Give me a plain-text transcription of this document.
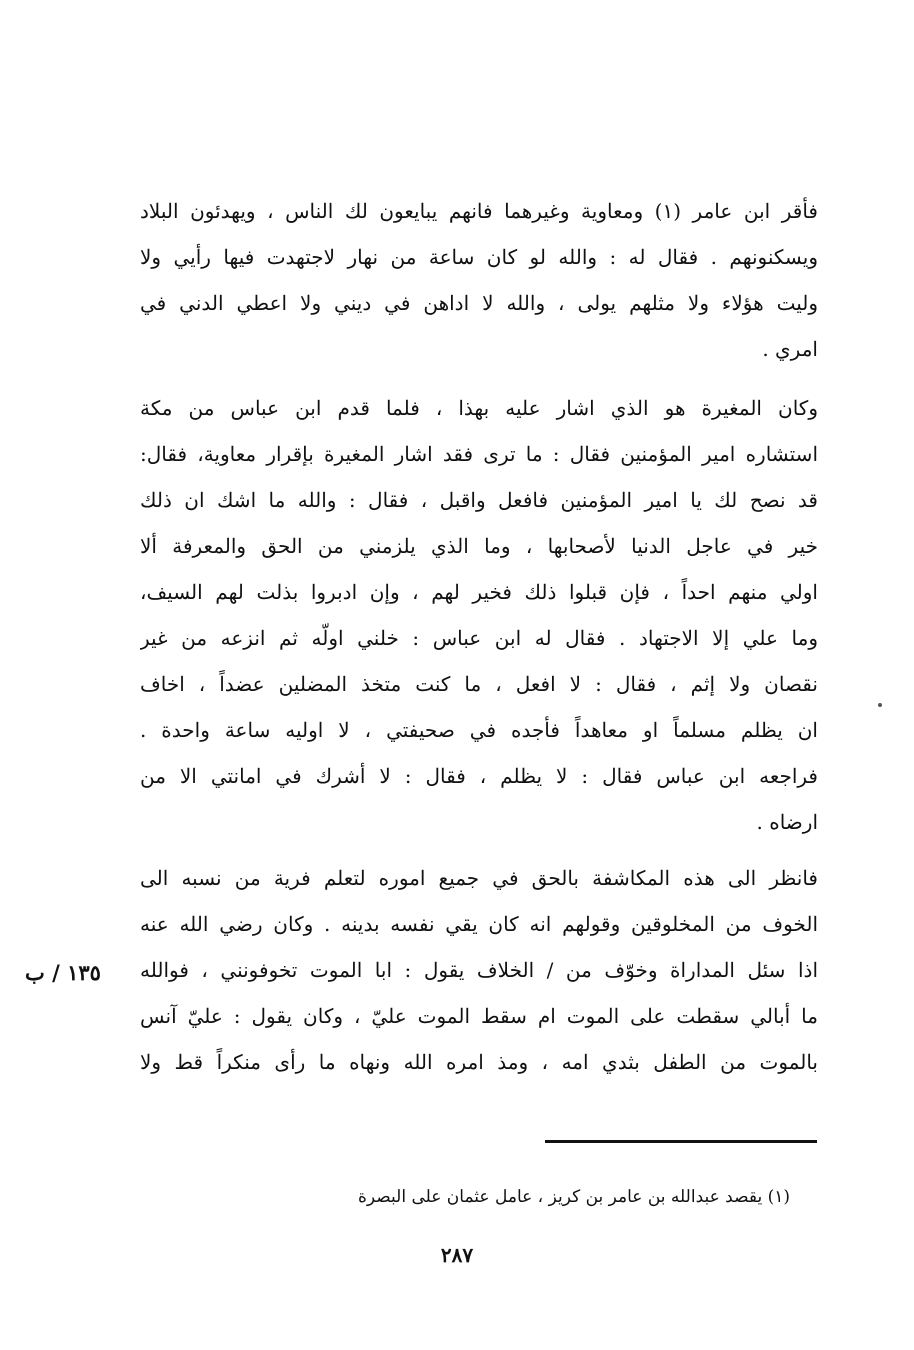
فأقر ابن عامر (١) ومعاوية وغيرهما فانهم يبايعون لك الناس ، ويهدئون البلاد
ويسكنونهم . فقال له : والله لو كان ساعة من نهار لاجتهدت فيها رأيي ولا
وليت هؤلاء ولا مثلهم يولى ، والله لا اداهن في ديني ولا اعطي الدني في
امري .
وكان المغيرة هو الذي اشار عليه بهذا ، فلما قدم ابن عباس من مكة
استشاره امير المؤمنين فقال : ما ترى فقد اشار المغيرة بإقرار معاوية، فقال:
قد نصح لك يا امير المؤمنين فافعل واقبل ، فقال : والله ما اشك ان ذلك
خير في عاجل الدنيا لأصحابها ، وما الذي يلزمني من الحق والمعرفة ألا
اولي منهم احداً ، فإن قبلوا ذلك فخير لهم ، وإن ادبروا بذلت لهم السيف،
وما علي إلا الاجتهاد . فقال له ابن عباس : خلني اولّه ثم انزعه من غير
نقصان ولا إثم ، فقال : لا افعل ، ما كنت متخذ المضلين عضداً ، اخاف
ان يظلم مسلماً او معاهداً فأجده في صحيفتي ، لا اوليه ساعة واحدة .
فراجعه ابن عباس فقال : لا يظلم ، فقال : لا أشرك في امانتي الا من
ارضاه .
فانظر الى هذه المكاشفة بالحق في جميع اموره لتعلم فرية من نسبه الى
الخوف من المخلوقين وقولهم انه كان يقي نفسه بدينه . وكان رضي الله عنه
اذا سئل المداراة وخوّف من / الخلاف يقول : ابا الموت تخوفونني ، فوالله
ما أبالي سقطت على الموت ام سقط الموت عليّ ، وكان يقول : عليّ آنس
بالموت من الطفل بثدي امه ، ومذ امره الله ونهاه ما رأى منكراً قط ولا
١٣٥ / ب
(١) يقصد عبدالله بن عامر بن كريز ، عامل عثمان على البصرة
٢٨٧
